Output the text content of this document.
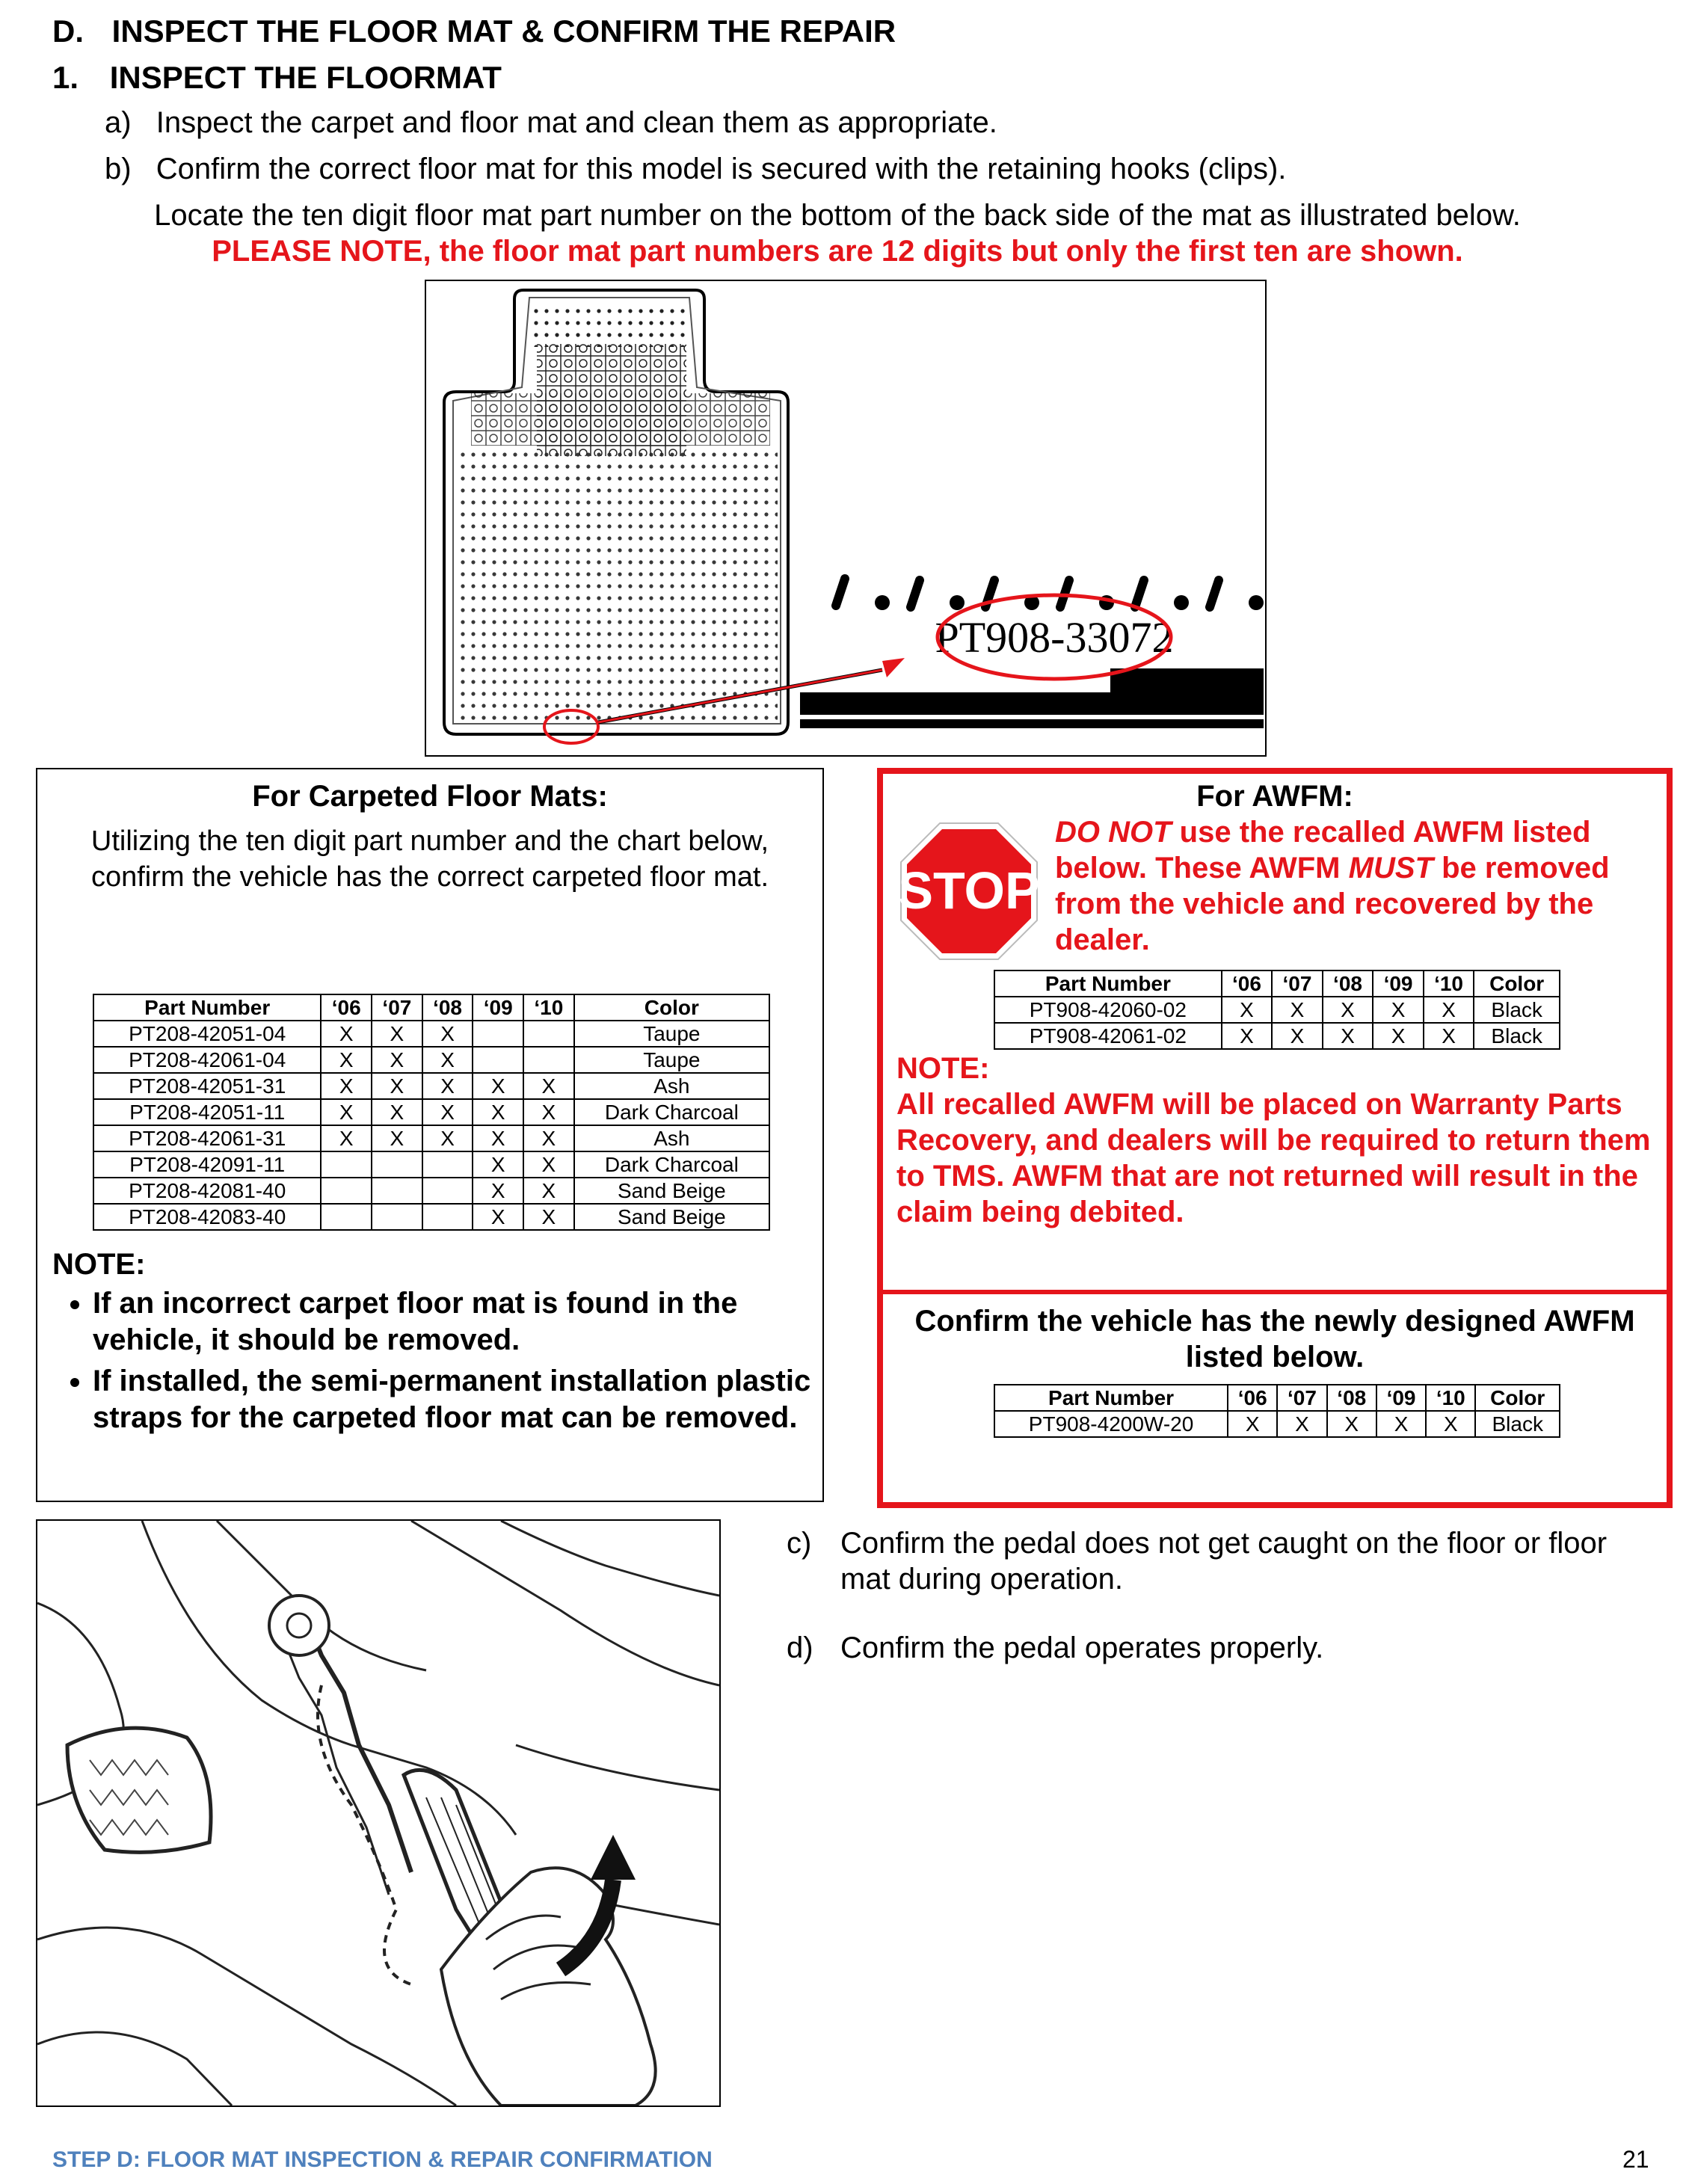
D. INSPECT THE FLOOR MAT & CONFIRM THE REPAIR
1. INSPECT THE FLOORMAT
a) Inspect the carpet and floor mat and clean them as appropriate.
b) Confirm the correct floor mat for this model is secured with the retaining hooks (clips).
Locate the ten digit floor mat part number on the bottom of the back side of the mat as illustrated below.
PLEASE NOTE, the floor mat part numbers are 12 digits but only the first ten are shown.
PT908-33072
For Carpeted Floor Mats:
Utilizing the ten digit part number and the chart below, confirm the vehicle has the correct carpeted floor mat.
Part Number	‘06	‘07	‘08	‘09	‘10	Color
PT208-42051-04	X	X	X			Taupe
PT208-42061-04	X	X	X			Taupe
PT208-42051-31	X	X	X	X	X	Ash
PT208-42051-11	X	X	X	X	X	Dark Charcoal
PT208-42061-31	X	X	X	X	X	Ash
PT208-42091-11				X	X	Dark Charcoal
PT208-42081-40				X	X	Sand Beige
PT208-42083-40				X	X	Sand Beige
NOTE:
• If an incorrect carpet floor mat is found in the vehicle, it should be removed.
• If installed, the semi-permanent installation plastic straps for the carpeted floor mat can be removed.
For AWFM:
STOP
DO NOT use the recalled AWFM listed below. These AWFM MUST be removed from the vehicle and recovered by the dealer.
Part Number	‘06	‘07	‘08	‘09	‘10	Color
PT908-42060-02	X	X	X	X	X	Black
PT908-42061-02	X	X	X	X	X	Black
NOTE:
All recalled AWFM will be placed on Warranty Parts Recovery, and dealers will be required to return them to TMS. AWFM that are not returned will result in the claim being debited.
Confirm the vehicle has the newly designed AWFM listed below.
Part Number	‘06	‘07	‘08	‘09	‘10	Color
PT908-4200W-20	X	X	X	X	X	Black
c) Confirm the pedal does not get caught on the floor or floor mat during operation.
d) Confirm the pedal operates properly.
STEP D: FLOOR MAT INSPECTION & REPAIR CONFIRMATION	21
